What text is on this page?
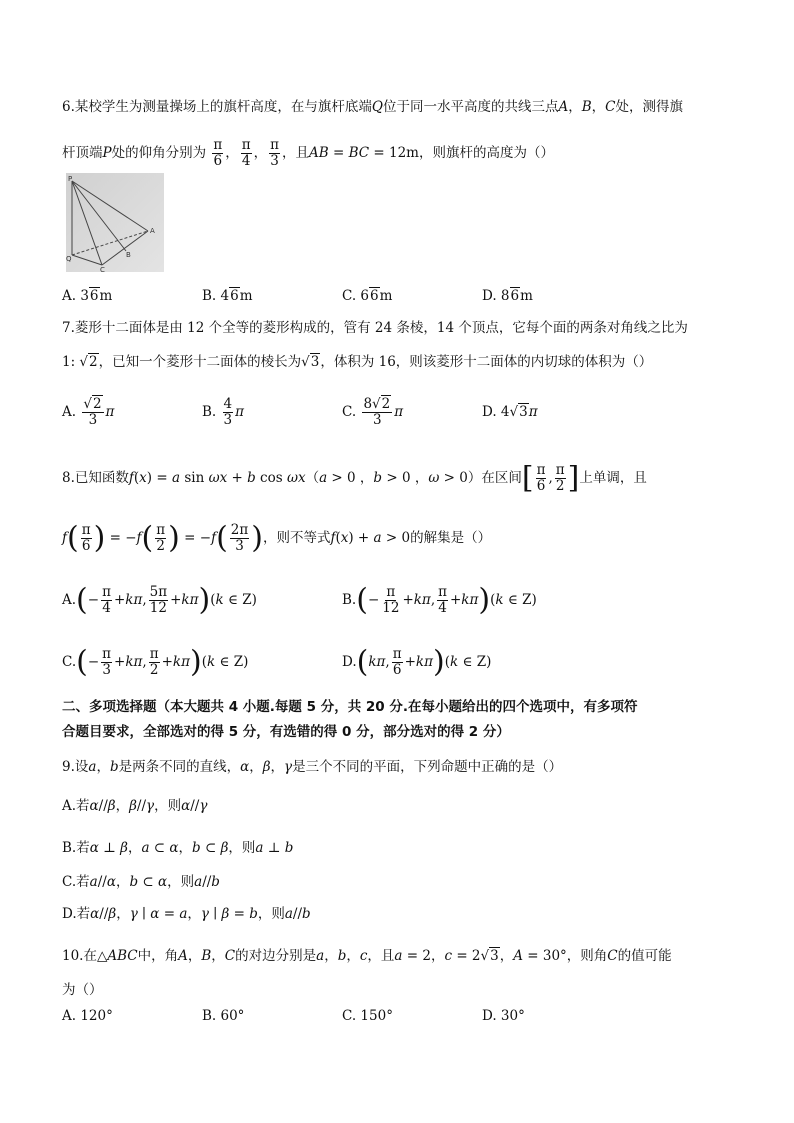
6.某校学生为测量操场上的旗杆高度，在与旗杆底端Q位于同一水平高度的共线三点A，B，C处，测得旗
杆顶端P处的仰角分别为 $\frac{\pi}{6}$ ， $\frac{\pi}{4}$ ， $\frac{\pi}{3}$ ，且AB = BC = 12m，则旗杆的高度为（）
P
A
B
C
Q
A. 36m	B. 46m	C. 66m	D. 86m
7.菱形十二面体是由 12 个全等的菱形构成的，管有 24 条棱，14 个顶点，它每个面的两条对角线之比为
1: √2，已知一个菱形十二面体的棱长为√3，体积为 16，则该菱形十二面体的内切球的体积为（）
A. $\frac{√2}{3}$ π	B. $\frac{4}{3}$ π	C. $\frac{8√2}{3}$ π	D. 4√3π
8.已知函数f(x) = a sin ωx + b cos ωx（a > 0 ，b > 0 ，ω > 0）在区间[ $\frac{\pi}{6}$ , $\frac{\pi}{2}$ ]上单调，且
$f( \frac{\pi}{6}$ ) = $-f( \frac{\pi}{2}$ ) = $-f( \frac{2\pi}{3}$ )，则不等式f(x) + a > 0的解集是（）
$A.(- \frac{\pi}{4} +k\pi$, $\frac{5\pi}{12} +k\pi)(k$ ∈ Z)	$B.(- \frac{\pi}{12} +k\pi$, $\frac{\pi}{4} +k\pi)(k$ ∈ Z)
$C.(- \frac{\pi}{3} +k\pi$, $\frac{\pi}{2} +k\pi)(k$ ∈ Z)	D.(kπ, $\frac{\pi}{6} +k\pi)(k$ ∈ Z)
二、多项选择题（本大题共 4 小题.每题 5 分，共 20 分.在每小题给出的四个选项中，有多项符
合题目要求，全部选对的得 5 分，有选错的得 0 分，部分选对的得 2 分）
9.设a，b是两条不同的直线，α，β，γ是三个不同的平面，下列命题中正确的是（）
A.若α//β，β//γ，则α//γ
B.若α ⊥ β，a ⊂ α，b ⊂ β，则a ⊥ b
C.若a//α，b ⊂ α，则a//b
D.若α//β，γ ∣ α = a，γ ∣ β = b，则a//b
10.在△ABC中，角A，B，C的对边分别是a，b，c，且a = 2，c = 2√3，A = 30°，则角C的值可能
为（）
A. 120°	B. 60°	C. 150°	D. 30°
